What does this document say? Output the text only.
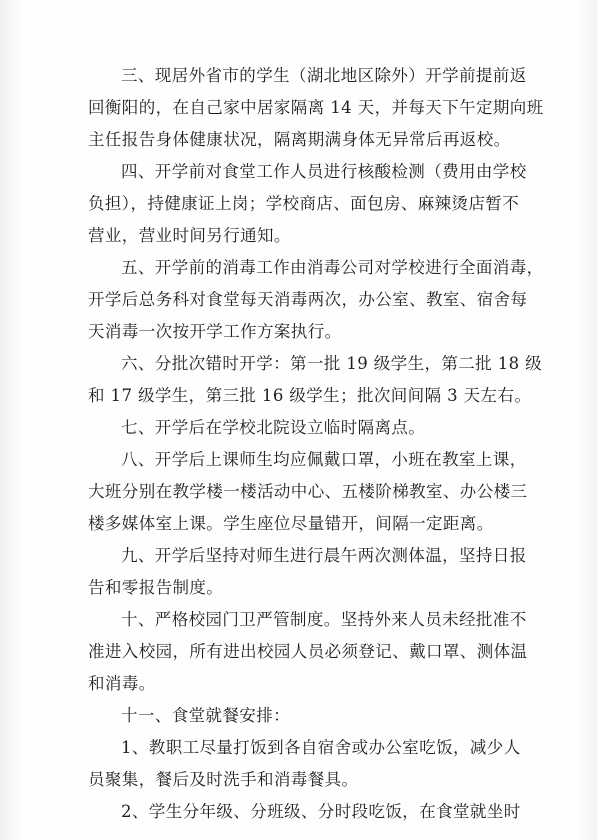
三、现居外省市的学生（湖北地区除外）开学前提前返
回衡阳的，在自己家中居家隔离 14 天，并每天下午定期向班
主任报告身体健康状况，隔离期满身体无异常后再返校。
四、开学前对食堂工作人员进行核酸检测（费用由学校
负担），持健康证上岗；学校商店、面包房、麻辣烫店暂不
营业，营业时间另行通知。
五、开学前的消毒工作由消毒公司对学校进行全面消毒，
开学后总务科对食堂每天消毒两次，办公室、教室、宿舍每
天消毒一次按开学工作方案执行。
六、分批次错时开学：第一批 19 级学生，第二批 18 级
和 17 级学生，第三批 16 级学生；批次间间隔 3 天左右。
七、开学后在学校北院设立临时隔离点。
八、开学后上课师生均应佩戴口罩，小班在教室上课，
大班分别在教学楼一楼活动中心、五楼阶梯教室、办公楼三
楼多媒体室上课。学生座位尽量错开，间隔一定距离。
九、开学后坚持对师生进行晨午两次测体温，坚持日报
告和零报告制度。
十、严格校园门卫严管制度。坚持外来人员未经批准不
准进入校园，所有进出校园人员必须登记、戴口罩、测体温
和消毒。
十一、食堂就餐安排：
1、教职工尽量打饭到各自宿舍或办公室吃饭，减少人
员聚集，餐后及时洗手和消毒餐具。
2、学生分年级、分班级、分时段吃饭，在食堂就坐时
